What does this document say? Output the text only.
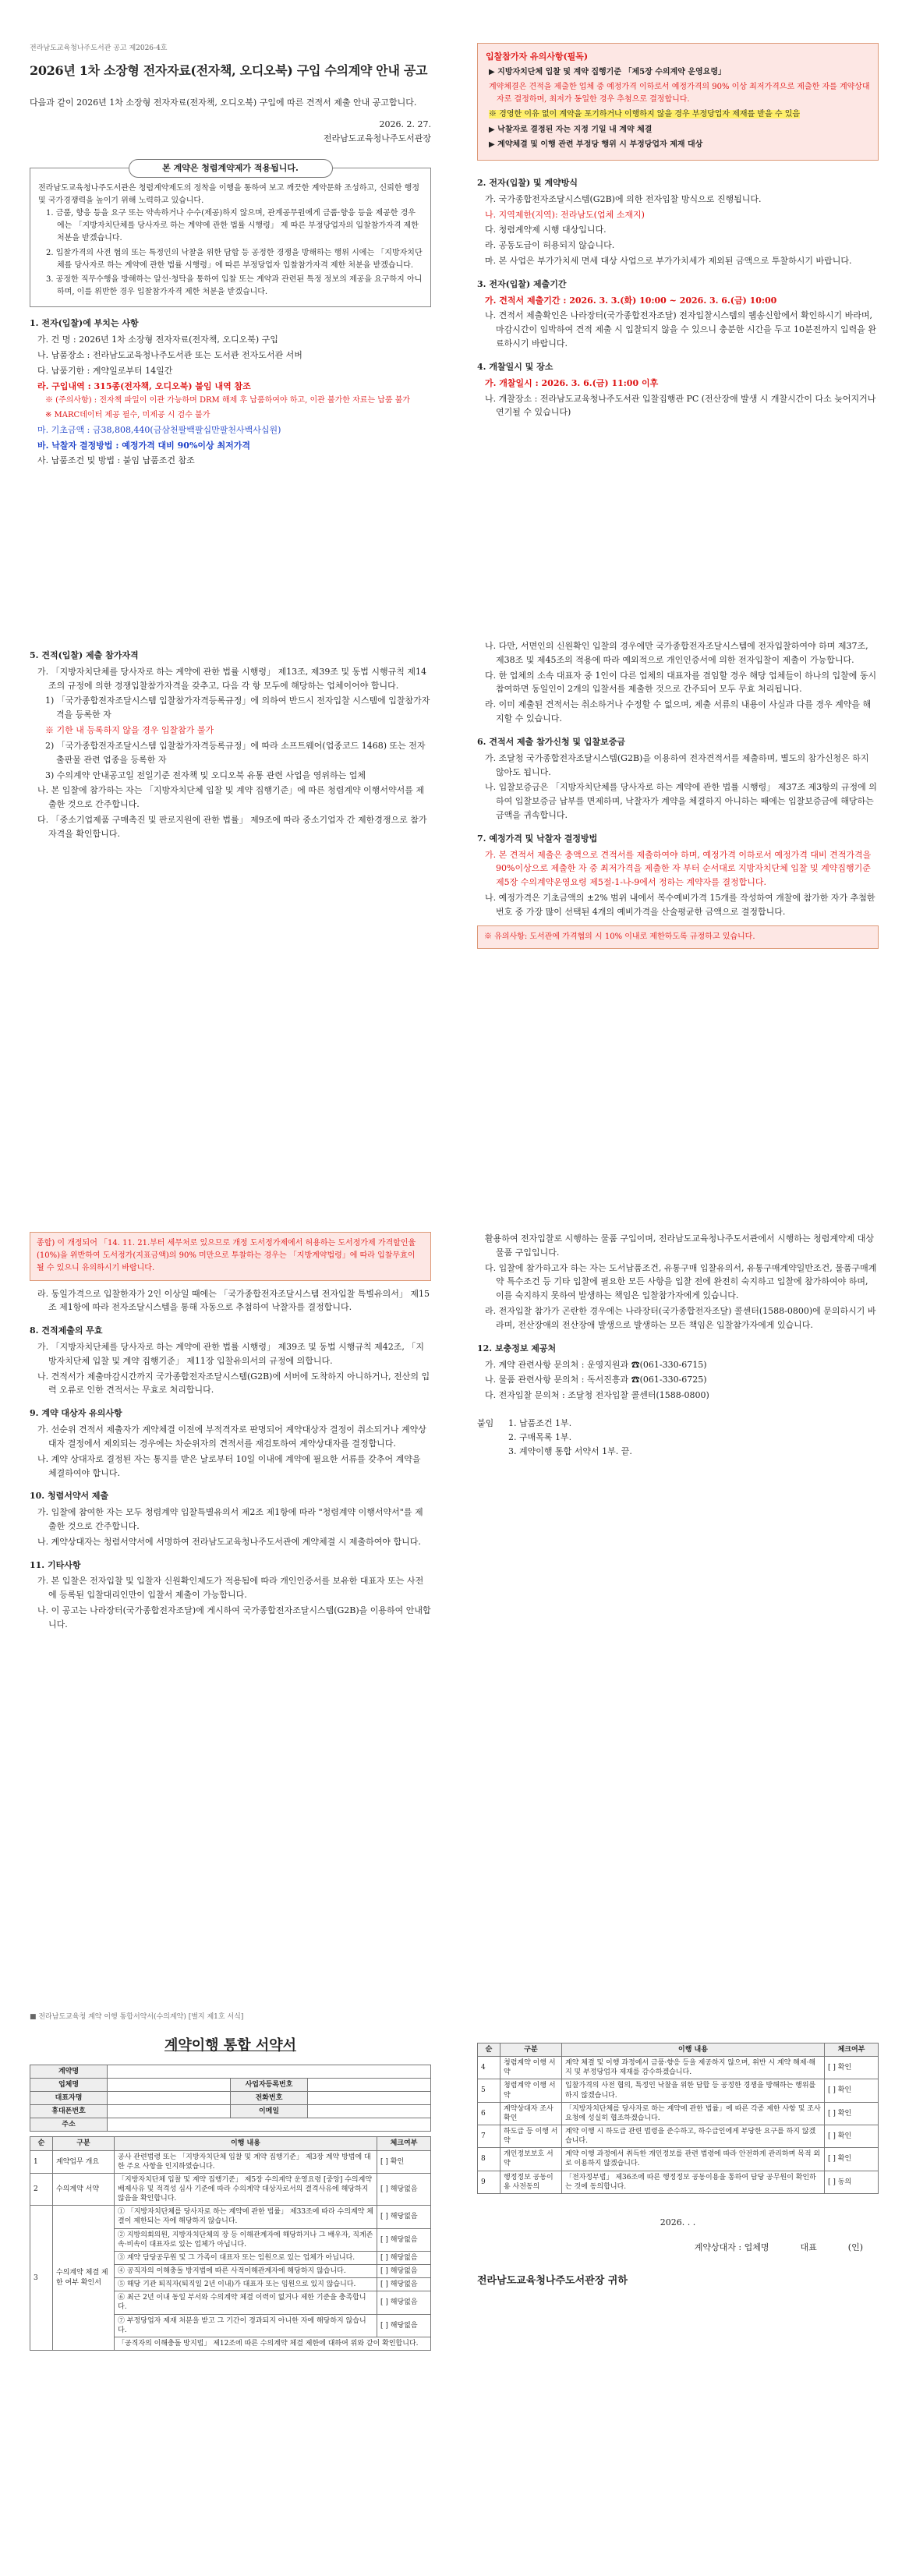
전라남도교육청나주도서관 공고 제2026-4호
2026년 1차 소장형 전자자료(전자책, 오디오북) 구입 수의계약 안내 공고
다음과 같이 2026년 1차 소장형 전자자료(전자책, 오디오북) 구입에 따른 견적서 제출 안내 공고합니다.
2026. 2. 27.
전라남도교육청나주도서관장
본 계약은 청렴계약제가 적용됩니다.
전라남도교육청나주도서관은 청렴계약제도의 정착을 이행을 통하여 보고 깨끗한 계약문화 조성하고, 신뢰한 행정 및 국가경쟁력을 높이기 위해 노력하고 있습니다.
1. 금품, 향응 등을 요구 또는 약속하거나 수수(제공)하지 않으며, 관계공무원에게 금품·향응 등을 제공한 경우에는 「지방자치단체를 당사자로 하는 계약에 관한 법률 시행령」 제 따른 부정당업자의 입찰참가자격 제한 처분을 받겠습니다.
2. 입찰가격의 사전 협의 또는 특정인의 낙찰을 위한 담합 등 공정한 경쟁을 방해하는 행위 시에는 「지방자치단체를 당사자로 하는 계약에 관한 법률 시행령」에 따른 부정당업자 입찰참가자격 제한 처분을 받겠습니다.
3. 공정한 직무수행을 방해하는 알선·청탁을 통하여 입찰 또는 계약과 관련된 특정 정보의 제공을 요구하지 아니하며, 이를 위반한 경우 입찰참가자격 제한 처분을 받겠습니다.
1. 전자(입찰)에 부치는 사항
가. 건 명 : 2026년 1차 소장형 전자자료(전자책, 오디오북) 구입
나. 납품장소 : 전라남도교육청나주도서관 또는 도서관 전자도서관 서버
다. 납품기한 : 계약일로부터 14일간
라. 구입내역 : 315종(전자책, 오디오북) 붙임 내역 참조
※ (주의사항) : 전자책 파일이 이관 가능하며 DRM 해제 후 납품하여야 하고, 이관 불가한 자료는 납품 불가
※ MARC데이터 제공 필수, 미제공 시 검수 불가
마. 기초금액 : 금38,808,440(금삼천팔백팔십만팔천사백사십원)
바. 낙찰자 결정방법 : 예정가격 대비 90%이상 최저가격
사. 납품조건 및 방법 : 붙임 납품조건 참조
입찰참가자 유의사항(필독)
▶ 지방자치단체 입찰 및 계약 집행기준 「제5장 수의계약 운영요령」
계약체결은 견적을 제출한 업체 중 예정가격 이하로서 예정가격의 90% 이상 최저가격으로 제출한 자를 계약상대자로 결정하며, 최저가 동일한 경우 추첨으로 결정합니다.
※ 경영한 이유 없이 계약을 포기하거나 이행하지 않을 경우 부정당업자 제재를 받을 수 있음
▶ 낙찰자로 결정된 자는 지정 기일 내 계약 체결
▶ 계약체결 및 이행 관련 부정당 행위 시 부정당업자 제재 대상
2. 전자(입찰) 및 계약방식
가. 국가종합전자조달시스템(G2B)에 의한 전자입찰 방식으로 진행됩니다.
나. 지역제한(지역): 전라남도(업체 소재지)
다. 청렴계약제 시행 대상입니다.
라. 공동도급이 허용되지 않습니다.
마. 본 사업은 부가가치세 면세 대상 사업으로 부가가치세가 제외된 금액으로 투찰하시기 바랍니다.
3. 전자(입찰) 제출기간
가. 견적서 제출기간 : 2026. 3. 3.(화) 10:00 ~ 2026. 3. 6.(금) 10:00
나. 견적서 제출확인은 나라장터(국가종합전자조달) 전자입찰시스템의 웹송신함에서 확인하시기 바라며, 마감시간이 임박하여 견적 제출 시 입찰되지 않을 수 있으니 충분한 시간을 두고 10분전까지 입력을 완료하시기 바랍니다.
4. 개찰일시 및 장소
가. 개찰일시 : 2026. 3. 6.(금) 11:00 이후
나. 개찰장소 : 전라남도교육청나주도서관 입찰집행관 PC (전산장애 발생 시 개찰시간이 다소 늦어지거나 연기될 수 있습니다)
5. 견적(입찰) 제출 참가자격
가. 「지방자치단체를 당사자로 하는 계약에 관한 법률 시행령」 제13조, 제39조 및 동법 시행규칙 제14조의 규정에 의한 경쟁입찰참가자격을 갖추고, 다음 각 항 모두에 해당하는 업체이어야 합니다.
1) 「국가종합전자조달시스템 입찰참가자격등록규정」에 의하여 반드시 전자입찰 시스템에 입찰참가자격을 등록한 자
※ 기한 내 등록하지 않을 경우 입찰참가 불가
2) 「국가종합전자조달시스템 입찰참가자격등록규정」에 따라 소프트웨어(업종코드 1468) 또는 전자출판물 관련 업종을 등록한 자
3) 수의계약 안내공고일 전일기준 전자책 및 오디오북 유통 관련 사업을 영위하는 업체
나. 본 입찰에 참가하는 자는 「지방자치단체 입찰 및 계약 집행기준」에 따른 청렴계약 이행서약서를 제출한 것으로 간주합니다.
다. 「중소기업제품 구매촉진 및 판로지원에 관한 법률」 제9조에 따라 중소기업자 간 제한경쟁으로 참가자격을 확인합니다.
나. 다만, 서면인의 신원확인 입찰의 경우에만 국가종합전자조달시스템에 전자입찰하여야 하며 제37조, 제38조 및 제45조의 적용에 따라 예외적으로 개인인증서에 의한 전자입찰이 제출이 가능합니다.
다. 한 업체의 소속 대표자 중 1인이 다른 업체의 대표자를 겸임할 경우 해당 업체들이 하나의 입찰에 동시 참여하면 동일인이 2개의 입찰서를 제출한 것으로 간주되어 모두 무효 처리됩니다.
라. 이미 제출된 견적서는 취소하거나 수정할 수 없으며, 제출 서류의 내용이 사실과 다를 경우 계약을 해지할 수 있습니다.
6. 견적서 제출 참가신청 및 입찰보증금
가. 조달청 국가종합전자조달시스템(G2B)을 이용하여 전자견적서를 제출하며, 별도의 참가신청은 하지 않아도 됩니다.
나. 입찰보증금은 「지방자치단체를 당사자로 하는 계약에 관한 법률 시행령」 제37조 제3항의 규정에 의하여 입찰보증금 납부를 면제하며, 낙찰자가 계약을 체결하지 아니하는 때에는 입찰보증금에 해당하는 금액을 귀속합니다.
7. 예정가격 및 낙찰자 결정방법
가. 본 견적서 제출은 충액으로 견적서를 제출하여야 하며, 예정가격 이하로서 예정가격 대비 견적가격을 90%이상으로 제출한 자 중 최저가격을 제출한 자 부터 순서대로 지방자치단체 입찰 및 계약집행기준 제5장 수의계약운영요령 제5절-1-나-9에서 정하는 계약자를 결정합니다.
나. 예정가격은 기초금액의 ±2% 범위 내에서 복수예비가격 15개를 작성하여 개찰에 참가한 자가 추첨한 번호 중 가장 많이 선택된 4개의 예비가격을 산술평균한 금액으로 결정합니다.
※ 유의사항: 도서관에 가격협의 시 10% 이내로 제한하도록 규정하고 있습니다.
종합) 이 개정되어 「14. 11. 21.부터 세무처로 있으므로 개정 도서정가제에서 허용하는 도서정가제 가격할인율(10%)을 위반하여 도서정가(지표금액)의 90% 미만으로 투찰하는 경우는 「지방계약법령」에 따라 입찰무효이 될 수 있으니 유의하시기 바랍니다.
라. 동일가격으로 입찰한자가 2인 이상일 때에는 「국가종합전자조달시스템 전자입찰 특별유의서」 제15조 제1항에 따라 전자조달시스템을 통해 자동으로 추첨하여 낙찰자를 결정합니다.
8. 견적제출의 무효
가. 「지방자치단체를 당사자로 하는 계약에 관한 법률 시행령」 제39조 및 동법 시행규칙 제42조, 「지방자치단체 입찰 및 계약 집행기준」 제11장 입찰유의서의 규정에 의합니다.
나. 견적서가 제출마감시간까지 국가종합전자조달시스템(G2B)에 서버에 도착하지 아니하거나, 전산의 입력 오류로 인한 견적서는 무효로 처리합니다.
9. 계약 대상자 유의사항
가. 선순위 견적서 제출자가 계약체결 이전에 부적격자로 판명되어 계약대상자 결정이 취소되거나 계약상대자 결정에서 제외되는 경우에는 차순위자의 견적서를 재검토하여 계약상대자를 결정합니다.
나. 계약 상대자로 결정된 자는 통지를 받은 날로부터 10일 이내에 계약에 필요한 서류를 갖추어 계약을 체결하여야 합니다.
10. 청렴서약서 제출
가. 입찰에 참여한 자는 모두 청렴계약 입찰특별유의서 제2조 제1항에 따라 "청렴계약 이행서약서"를 제출한 것으로 간주합니다.
나. 계약상대자는 청렴서약서에 서명하여 전라남도교육청나주도서관에 계약체결 시 제출하여야 합니다.
11. 기타사항
가. 본 입찰은 전자입찰 및 입찰자 신원확인제도가 적용됨에 따라 개인인증서를 보유한 대표자 또는 사전에 등록된 입찰대리인만이 입찰서 제출이 가능합니다.
나. 이 공고는 나라장터(국가종합전자조달)에 게시하여 국가종합전자조달시스템(G2B)을 이용하여 안내합니다.
활용하여 전자입찰로 시행하는 물품 구입이며, 전라남도교육청나주도서관에서 시행하는 청렴계약제 대상 물품 구입입니다.
다. 입찰에 참가하고자 하는 자는 도서납품조건, 유통구매 입찰유의서, 유통구매계약일반조건, 물품구매계약 특수조건 등 기타 입찰에 필요한 모든 사항을 입찰 전에 완전히 숙지하고 입찰에 참가하여야 하며, 이를 숙지하지 못하여 발생하는 책임은 입찰참가자에게 있습니다.
라. 전자입찰 참가가 곤란한 경우에는 나라장터(국가종합전자조달) 콜센터(1588-0800)에 문의하시기 바라며, 전산장애의 전산장애 발생으로 발생하는 모든 책임은 입찰참가자에게 있습니다.
12. 보충정보 제공처
가. 계약 관련사항 문의처 : 운영지원과 ☎(061-330-6715)
나. 물품 관련사항 문의처 : 독서진흥과 ☎(061-330-6725)
다. 전자입찰 문의처 : 조달청 전자입찰 콜센터(1588-0800)
붙임	1. 납품조건 1부.
2. 구매목록 1부.
3. 계약이행 통합 서약서 1부. 끝.
■ 전라남도교육청 계약 이행 통합서약서(수의계약) [별지 제1호 서식]
계약이행 통합 서약서
계약명			
업체명		사업자등록번호	
대표자명		전화번호	
휴대폰번호		이메일	
주소			
순	구분	이행 내용	체크여부
1	계약업무 개요	공사 관련법령 또는 「지방자치단체 입찰 및 계약 집행기준」 제3장 계약 방법에 대한 주요 사항을 인지하였습니다.	[ ] 확인
2	수의계약 서약	「지방자치단체 입찰 및 계약 집행기준」 제5장 수의계약 운영요령 [중앙] 수의계약 배제사유 및 적격성 심사 기준에 따라 수의계약 대상자로서의 결격사유에 해당하지 않음을 확인합니다.	[ ] 해당없음
3	수의계약 체결 제한 여부 확인서	① 「지방자치단체를 당사자로 하는 계약에 관한 법률」 제33조에 따라 수의계약 체결이 제한되는 자에 해당하지 않습니다.	[ ] 해당없음
		② 지방의회의원, 지방자치단체의 장 등 이해관계자에 해당하거나 그 배우자, 직계존속·비속이 대표자로 있는 업체가 아닙니다.	[ ] 해당없음
		③ 계약 담당공무원 및 그 가족이 대표자 또는 임원으로 있는 업체가 아닙니다.	[ ] 해당없음
		④ 공직자의 이해충돌 방지법에 따른 사적이해관계자에 해당하지 않습니다.	[ ] 해당없음
		⑤ 해당 기관 퇴직자(퇴직일 2년 이내)가 대표자 또는 임원으로 있지 않습니다.	[ ] 해당없음
		⑥ 최근 2년 이내 동일 부서와 수의계약 체결 이력이 없거나 제한 기준을 충족합니다.	[ ] 해당없음
		⑦ 부정당업자 제재 처분을 받고 그 기간이 경과되지 아니한 자에 해당하지 않습니다.	[ ] 해당없음
		「공직자의 이해충돌 방지법」 제12조에 따른 수의계약 체결 제한에 대하여 위와 같이 확인합니다.	
순	구분	이행 내용	체크여부
4	청렴계약 이행 서약	계약 체결 및 이행 과정에서 금품·향응 등을 제공하지 않으며, 위반 시 계약 해제·해지 및 부정당업자 제재를 감수하겠습니다.	[ ] 확인
5	청렴계약 이행 서약	입찰가격의 사전 협의, 특정인 낙찰을 위한 담합 등 공정한 경쟁을 방해하는 행위를 하지 않겠습니다.	[ ] 확인
6	계약상대자 조사 확인	「지방자치단체를 당사자로 하는 계약에 관한 법률」에 따른 각종 제한 사항 및 조사 요청에 성실히 협조하겠습니다.	[ ] 확인
7	하도급 등 이행 서약	계약 이행 시 하도급 관련 법령을 준수하고, 하수급인에게 부당한 요구를 하지 않겠습니다.	[ ] 확인
8	개인정보보호 서약	계약 이행 과정에서 취득한 개인정보를 관련 법령에 따라 안전하게 관리하며 목적 외로 이용하지 않겠습니다.	[ ] 확인
9	행정정보 공동이용 사전동의	「전자정부법」 제36조에 따른 행정정보 공동이용을 통하여 담당 공무원이 확인하는 것에 동의합니다.	[ ] 동의
2026. . .
계약상대자 : 업체명	대표	(인)
전라남도교육청나주도서관장 귀하
